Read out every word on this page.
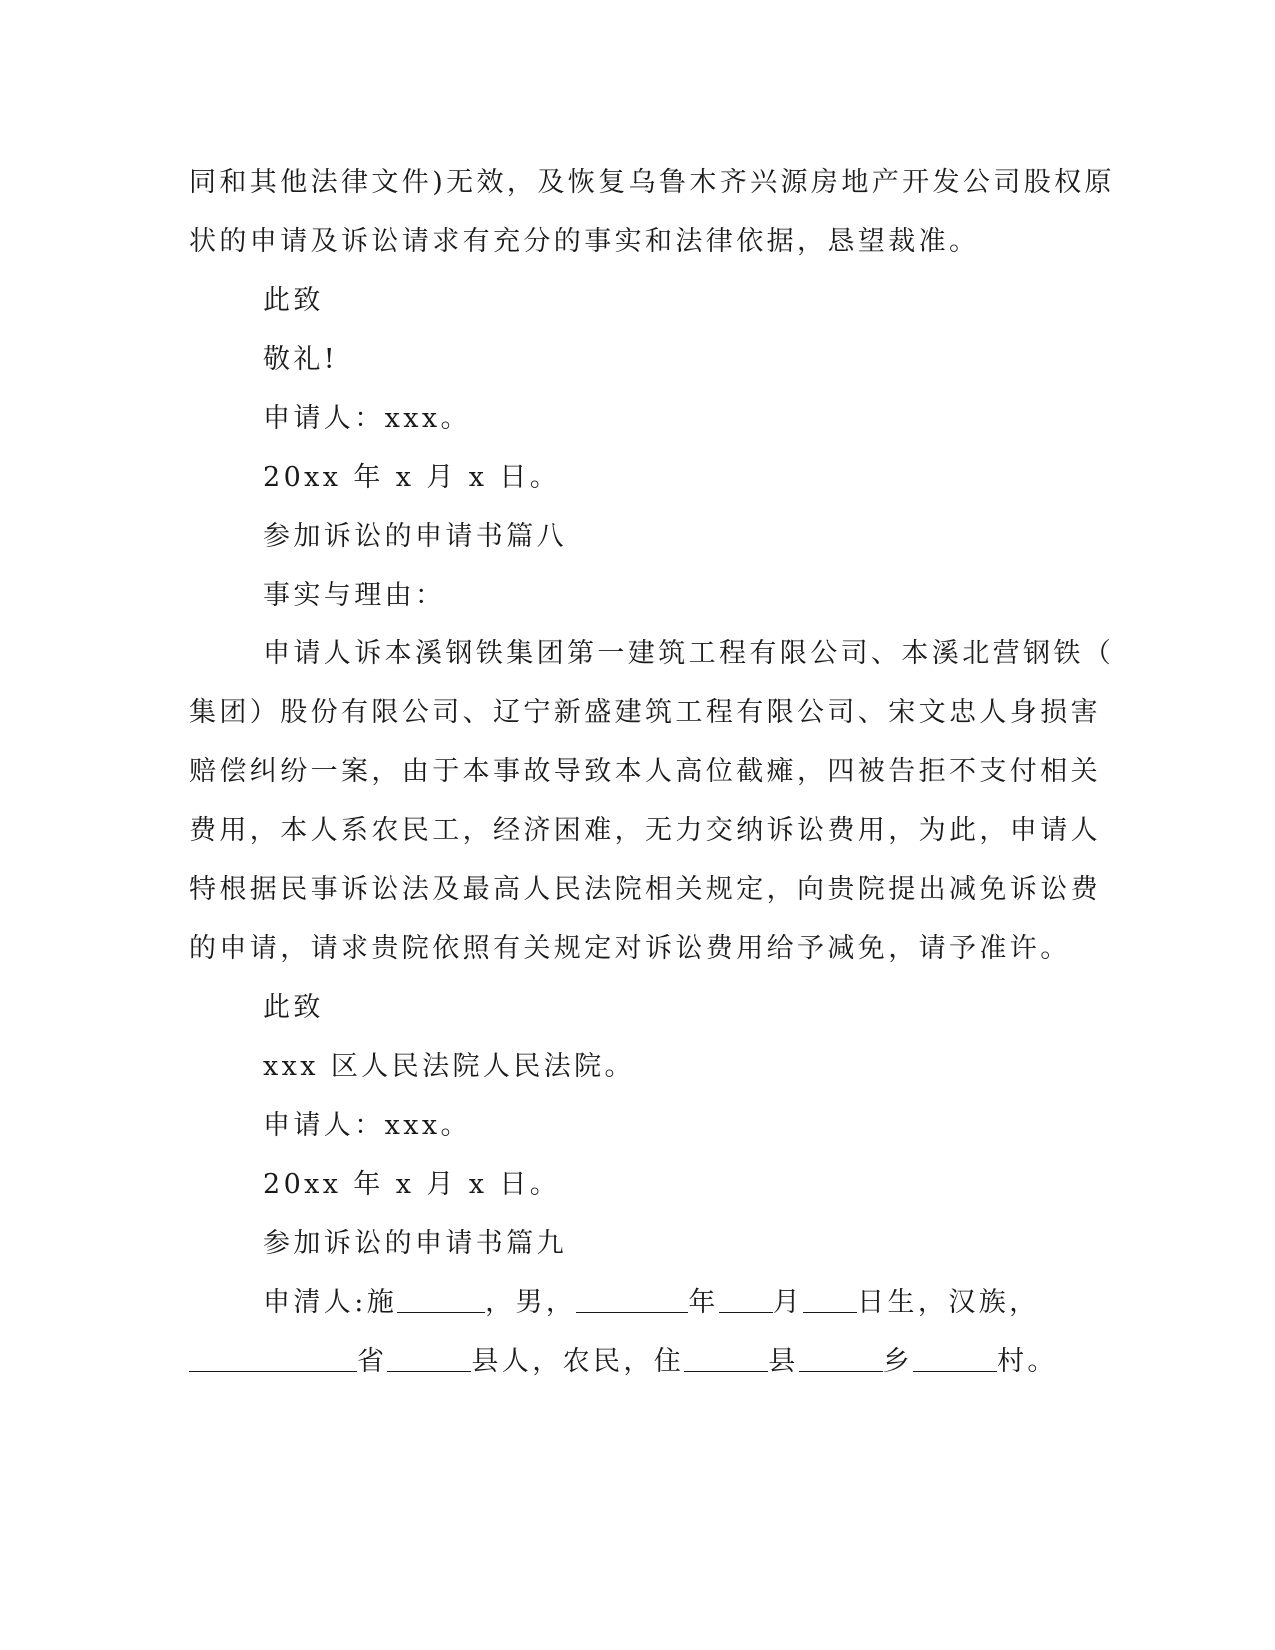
同和其他法律文件)无效，及恢复乌鲁木齐兴源房地产开发公司股权原
状的申请及诉讼请求有充分的事实和法律依据，恳望裁准。
此致
敬礼!
申请人：xxx。
20xx 年 x 月 x 日。
参加诉讼的申请书篇八
事实与理由：
申请人诉本溪钢铁集团第一建筑工程有限公司、本溪北营钢铁（
集团）股份有限公司、辽宁新盛建筑工程有限公司、宋文忠人身损害
赔偿纠纷一案，由于本事故导致本人高位截瘫，四被告拒不支付相关
费用，本人系农民工，经济困难，无力交纳诉讼费用，为此，申请人
特根据民事诉讼法及最高人民法院相关规定，向贵院提出减免诉讼费
的申请，请求贵院依照有关规定对诉讼费用给予减免，请予准许。
此致
xxx 区人民法院人民法院。
申请人：xxx。
20xx 年 x 月 x 日。
参加诉讼的申请书篇九
申清人:施	，男，	年 月 日生，汉族，
省	县人，农民，住	县	乡	村。
